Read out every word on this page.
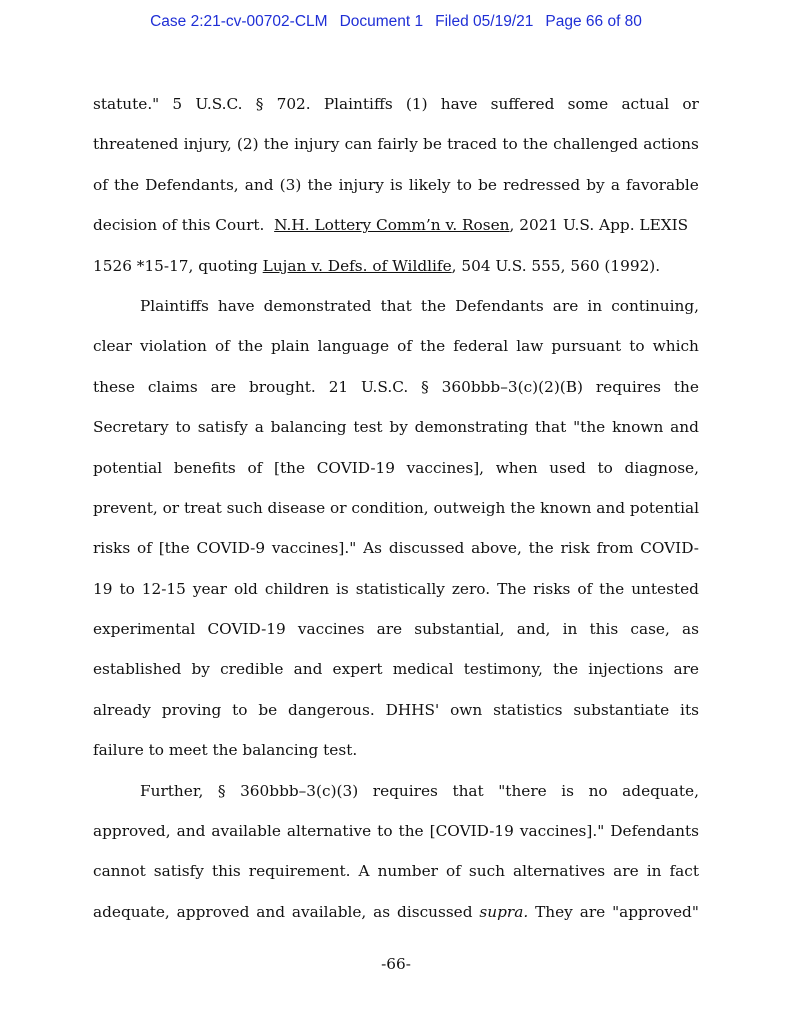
Case 2:21-cv-00702-CLM Document 1 Filed 05/19/21 Page 66 of 80
statute." 5 U.S.C. § 702. Plaintiffs (1) have suffered some actual or
threatened injury, (2) the injury can fairly be traced to the challenged actions
of the Defendants, and (3) the injury is likely to be redressed by a favorable
decision of this Court.  N.H. Lottery Comm’n v. Rosen, 2021 U.S. App. LEXIS
1526 *15-17, quoting Lujan v. Defs. of Wildlife, 504 U.S. 555, 560 (1992).
Plaintiffs have demonstrated that the Defendants are in continuing,
clear violation of the plain language of the federal law pursuant to which
these claims are brought. 21 U.S.C. § 360bbb–3(c)(2)(B) requires the
Secretary to satisfy a balancing test by demonstrating that "the known and
potential benefits of [the COVID-19 vaccines], when used to diagnose,
prevent, or treat such disease or condition, outweigh the known and potential
risks of [the COVID-9 vaccines]." As discussed above, the risk from COVID-
19 to 12-15 year old children is statistically zero. The risks of the untested
experimental COVID-19 vaccines are substantial, and, in this case, as
established by credible and expert medical testimony, the injections are
already proving to be dangerous. DHHS' own statistics substantiate its
failure to meet the balancing test.
Further, § 360bbb–3(c)(3) requires that "there is no adequate,
approved, and available alternative to the [COVID-19 vaccines]." Defendants
cannot satisfy this requirement. A number of such alternatives are in fact
adequate, approved and available, as discussed supra. They are "approved"
-66-
